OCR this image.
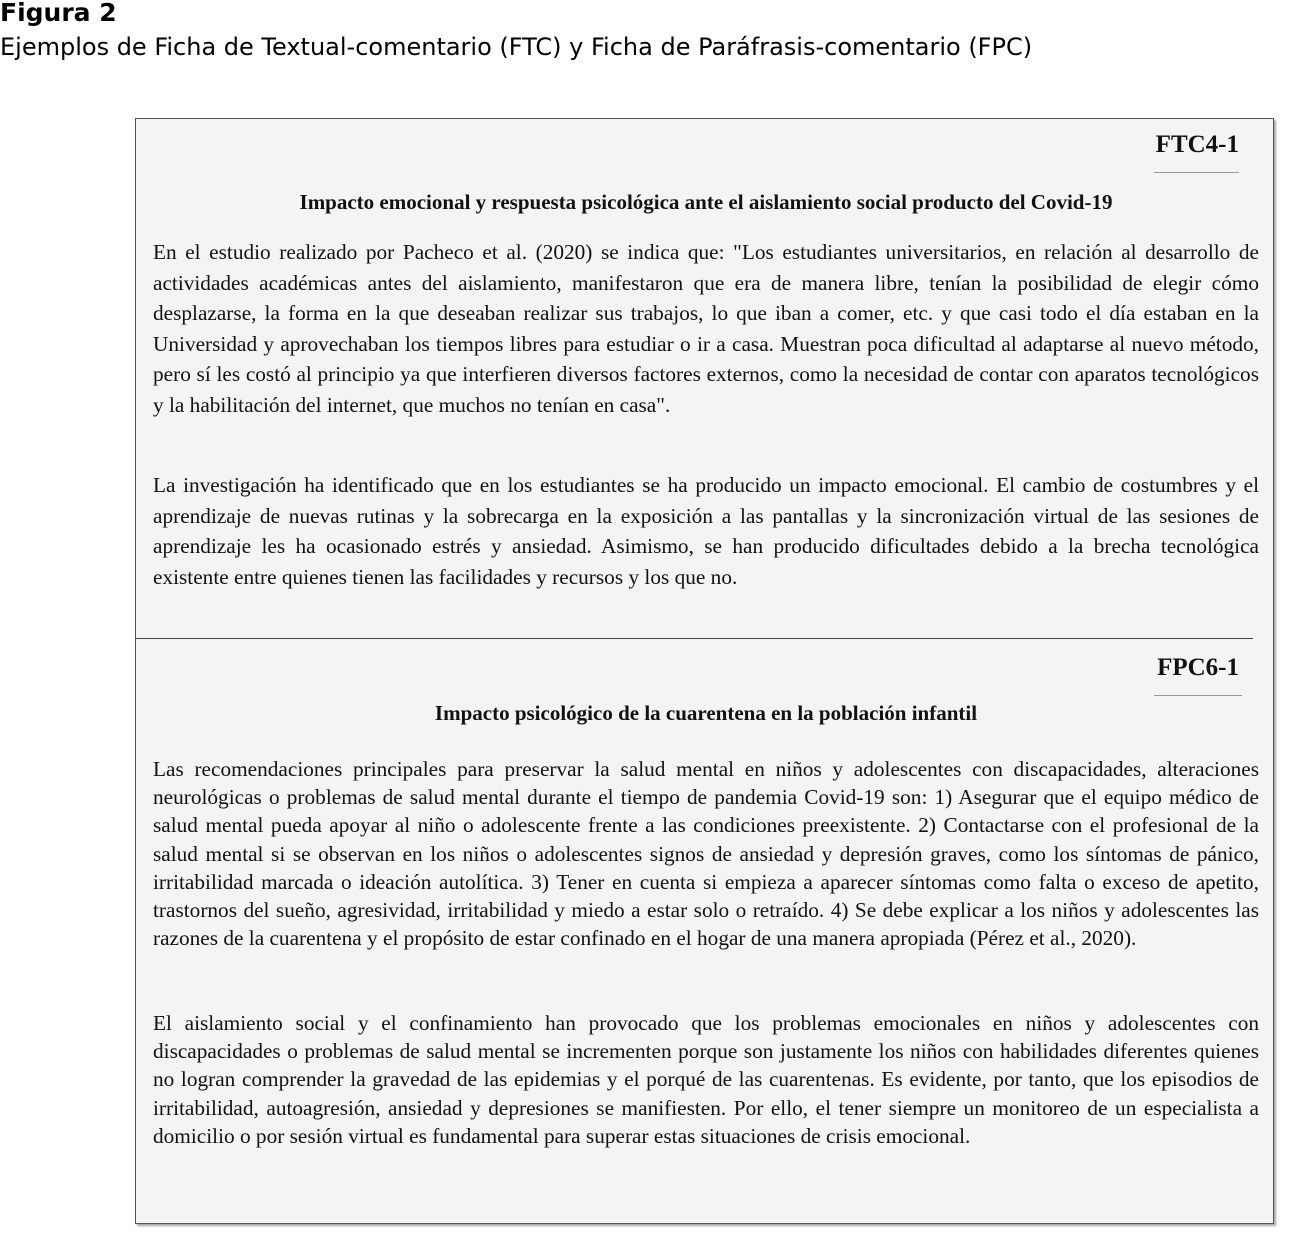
Figura 2
Ejemplos de Ficha de Textual-comentario (FTC) y Ficha de Paráfrasis-comentario (FPC)
FTC4-1
Impacto emocional y respuesta psicológica ante el aislamiento social producto del Covid-19

En el estudio realizado por Pacheco et al. (2020) se indica que: "Los estudiantes universitarios, en relación al desarrollo de actividades académicas antes del aislamiento, manifestaron que era de manera libre, tenían la posibilidad de elegir cómo desplazarse, la forma en la que deseaban realizar sus trabajos, lo que iban a comer, etc. y que casi todo el día estaban en la Universidad y aprovechaban los tiempos libres para estudiar o ir a casa. Muestran poca dificultad al adaptarse al nuevo método, pero sí les costó al principio ya que interfieren diversos factores externos, como la necesidad de contar con aparatos tecnológicos y la habilitación del internet, que muchos no tenían en casa".

La investigación ha identificado que en los estudiantes se ha producido un impacto emocional. El cambio de costumbres y el aprendizaje de nuevas rutinas y la sobrecarga en la exposición a las pantallas y la sincronización virtual de las sesiones de aprendizaje les ha ocasionado estrés y ansiedad. Asimismo, se han producido dificultades debido a la brecha tecnológica existente entre quienes tienen las facilidades y recursos y los que no.

FPC6-1
Impacto psicológico de la cuarentena en la población infantil

Las recomendaciones principales para preservar la salud mental en niños y adolescentes con discapacidades, alteraciones neurológicas o problemas de salud mental durante el tiempo de pandemia Covid-19 son: 1) Asegurar que el equipo médico de salud mental pueda apoyar al niño o adolescente frente a las condiciones preexistente. 2) Contactarse con el profesional de la salud mental si se observan en los niños o adolescentes signos de ansiedad y depresión graves, como los síntomas de pánico, irritabilidad marcada o ideación autolítica. 3) Tener en cuenta si empieza a aparecer síntomas como falta o exceso de apetito, trastornos del sueño, agresividad, irritabilidad y miedo a estar solo o retraído. 4) Se debe explicar a los niños y adolescentes las razones de la cuarentena y el propósito de estar confinado en el hogar de una manera apropiada (Pérez et al., 2020).

El aislamiento social y el confinamiento han provocado que los problemas emocionales en niños y adolescentes con discapacidades o problemas de salud mental se incrementen porque son justamente los niños con habilidades diferentes quienes no logran comprender la gravedad de las epidemias y el porqué de las cuarentenas. Es evidente, por tanto, que los episodios de irritabilidad, autoagresión, ansiedad y depresiones se manifiesten. Por ello, el tener siempre un monitoreo de un especialista a domicilio o por sesión virtual es fundamental para superar estas situaciones de crisis emocional.
